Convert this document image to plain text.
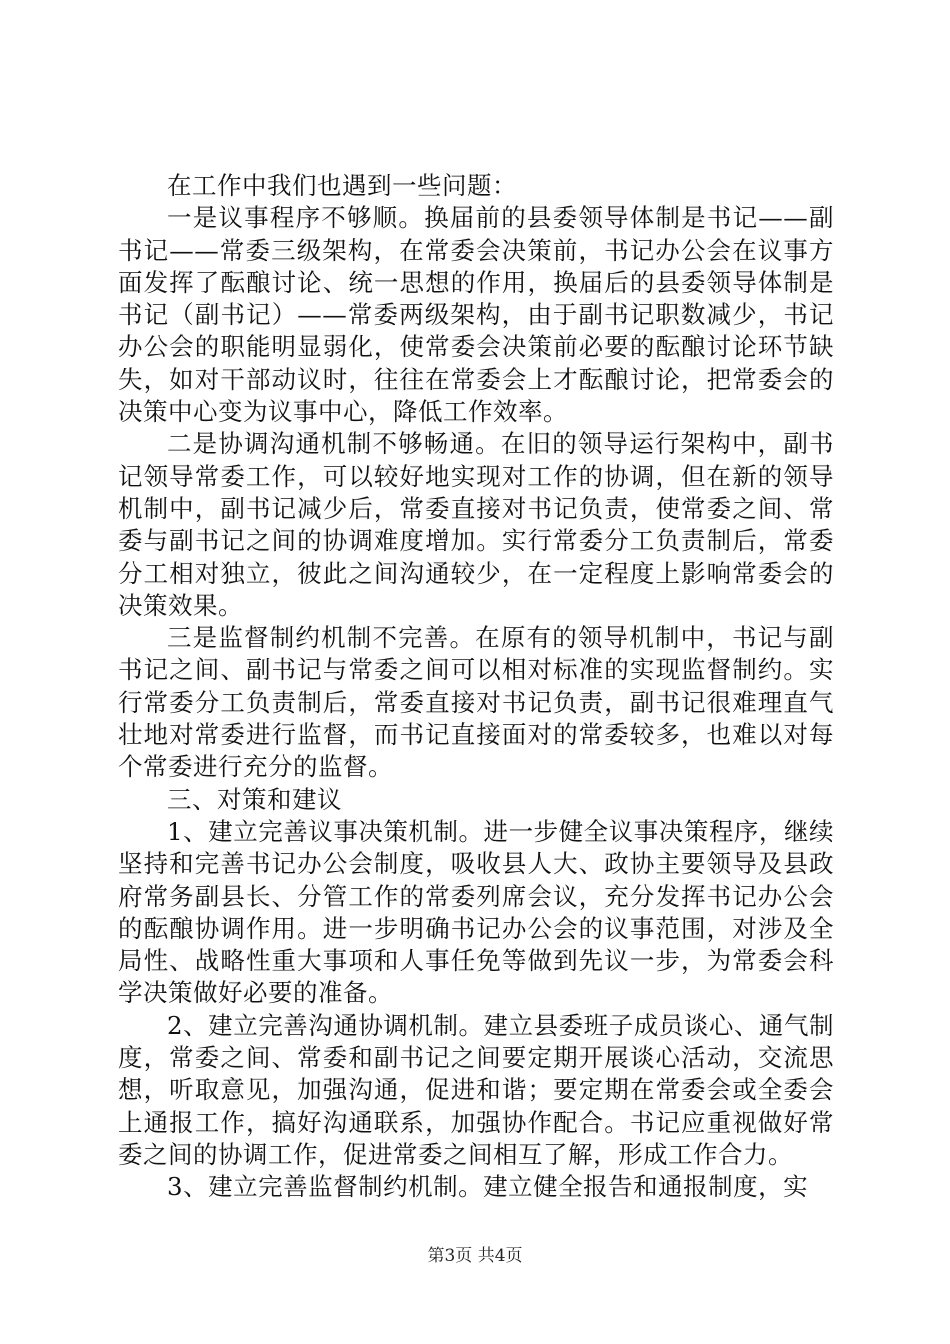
在工作中我们也遇到一些问题：

一是议事程序不够顺。换届前的县委领导体制是书记——副书记——常委三级架构，在常委会决策前，书记办公会在议事方面发挥了酝酿讨论、统一思想的作用，换届后的县委领导体制是书记（副书记）——常委两级架构，由于副书记职数减少，书记办公会的职能明显弱化，使常委会决策前必要的酝酿讨论环节缺失，如对干部动议时，往往在常委会上才酝酿讨论，把常委会的决策中心变为议事中心，降低工作效率。

二是协调沟通机制不够畅通。在旧的领导运行架构中，副书记领导常委工作，可以较好地实现对工作的协调，但在新的领导机制中，副书记减少后，常委直接对书记负责，使常委之间、常委与副书记之间的协调难度增加。实行常委分工负责制后，常委分工相对独立，彼此之间沟通较少，在一定程度上影响常委会的决策效果。

三是监督制约机制不完善。在原有的领导机制中，书记与副书记之间、副书记与常委之间可以相对标准的实现监督制约。实行常委分工负责制后，常委直接对书记负责，副书记很难理直气壮地对常委进行监督，而书记直接面对的常委较多，也难以对每个常委进行充分的监督。

三、对策和建议

1、建立完善议事决策机制。进一步健全议事决策程序，继续坚持和完善书记办公会制度，吸收县人大、政协主要领导及县政府常务副县长、分管工作的常委列席会议，充分发挥书记办公会的酝酿协调作用。进一步明确书记办公会的议事范围，对涉及全局性、战略性重大事项和人事任免等做到先议一步，为常委会科学决策做好必要的准备。

2、建立完善沟通协调机制。建立县委班子成员谈心、通气制度，常委之间、常委和副书记之间要定期开展谈心活动，交流思想，听取意见，加强沟通，促进和谐；要定期在常委会或全委会上通报工作，搞好沟通联系，加强协作配合。书记应重视做好常委之间的协调工作，促进常委之间相互了解，形成工作合力。

3、建立完善监督制约机制。建立健全报告和通报制度，实

第3页 共4页
